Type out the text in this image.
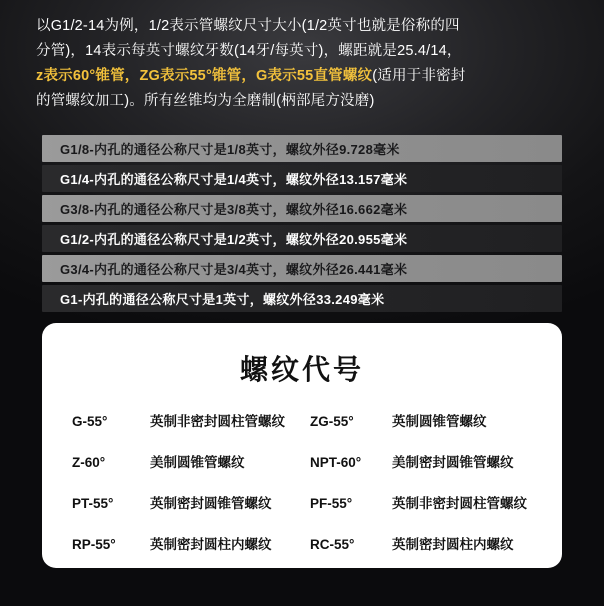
以G1/2-14为例，1/2表示管螺纹尺寸大小(1/2英寸也就是俗称的四
分管)，14表示每英寸螺纹牙数(14牙/每英寸)，螺距就是25.4/14，
z表示60°锥管，ZG表示55°锥管，G表示55直管螺纹(适用于非密封
的管螺纹加工)。所有丝锥均为全磨制(柄部尾方没磨)
G1/8-内孔的通径公称尺寸是1/8英寸，螺纹外径9.728毫米
G1/4-内孔的通径公称尺寸是1/4英寸，螺纹外径13.157毫米
G3/8-内孔的通径公称尺寸是3/8英寸，螺纹外径16.662毫米
G1/2-内孔的通径公称尺寸是1/2英寸，螺纹外径20.955毫米
G3/4-内孔的通径公称尺寸是3/4英寸，螺纹外径26.441毫米
G1-内孔的通径公称尺寸是1英寸，螺纹外径33.249毫米
螺纹代号
G-55°	英制非密封圆柱管螺纹 ZG-55°	英制圆锥管螺纹
Z-60°	美制圆锥管螺纹	NPT-60°	美制密封圆锥管螺纹
PT-55°	英制密封圆锥管螺纹	PF-55°	英制非密封圆柱管螺纹
RP-55°	英制密封圆柱内螺纹	RC-55°	英制密封圆柱内螺纹
